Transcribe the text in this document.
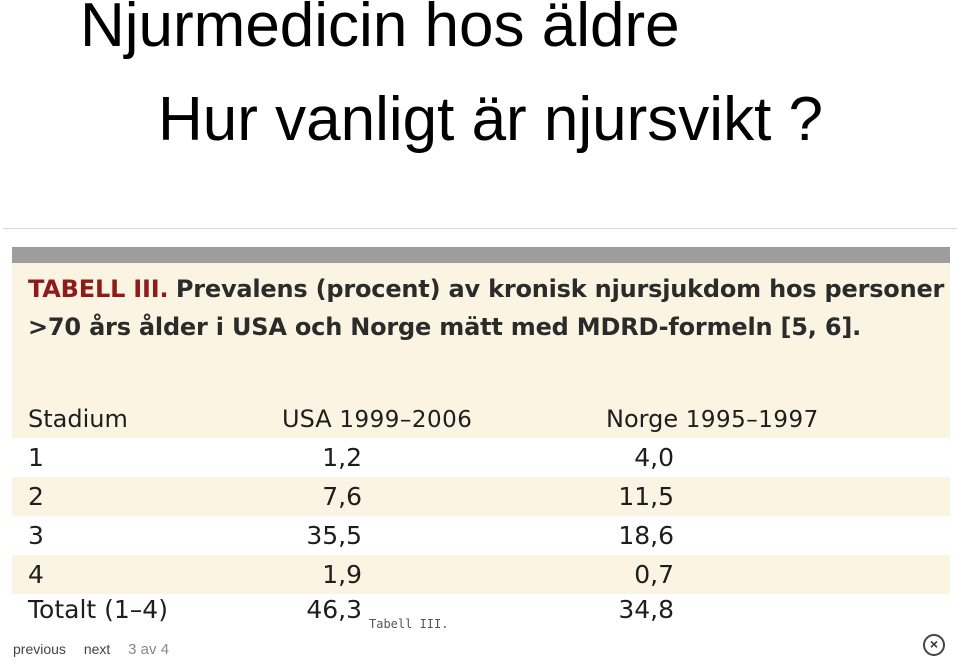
Njurmedicin hos äldre
Hur vanligt är njursvikt ?
TABELL III. Prevalens (procent) av kronisk njursjukdom hos personer
>70 års ålder i USA och Norge mätt med MDRD-formeln [5, 6].
Stadium	USA 1999–2006	Norge 1995–1997
1	1,2	4,0
2	7,6	11,5
3	35,5	18,6
4	1,9	0,7
Totalt (1–4)	46,3	34,8
Tabell III.
previous next 3 av 4	×
